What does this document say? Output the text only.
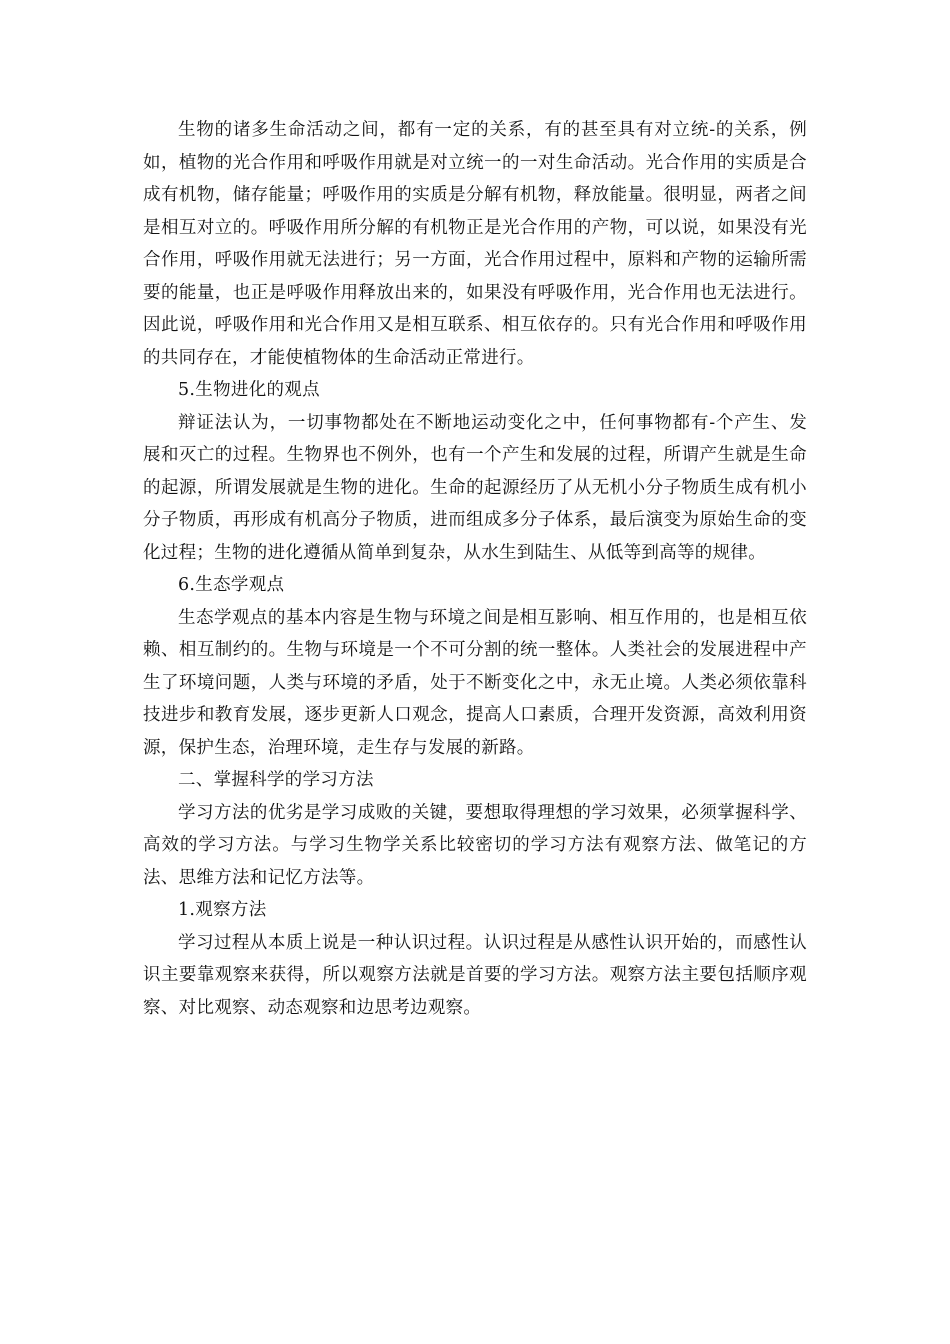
生物的诸多生命活动之间，都有一定的关系，有的甚至具有对立统-的关系，例如，植物的光合作用和呼吸作用就是对立统一的一对生命活动。光合作用的实质是合成有机物，储存能量；呼吸作用的实质是分解有机物，释放能量。很明显，两者之间是相互对立的。呼吸作用所分解的有机物正是光合作用的产物，可以说，如果没有光合作用，呼吸作用就无法进行；另一方面，光合作用过程中，原料和产物的运输所需要的能量，也正是呼吸作用释放出来的，如果没有呼吸作用，光合作用也无法进行。因此说，呼吸作用和光合作用又是相互联系、相互依存的。只有光合作用和呼吸作用的共同存在，才能使植物体的生命活动正常进行。

5.生物进化的观点

辩证法认为，一切事物都处在不断地运动变化之中，任何事物都有-个产生、发展和灭亡的过程。生物界也不例外，也有一个产生和发展的过程，所谓产生就是生命的起源，所谓发展就是生物的进化。生命的起源经历了从无机小分子物质生成有机小分子物质，再形成有机高分子物质，进而组成多分子体系，最后演变为原始生命的变化过程；生物的进化遵循从简单到复杂，从水生到陆生、从低等到高等的规律。

6.生态学观点

生态学观点的基本内容是生物与环境之间是相互影响、相互作用的，也是相互依赖、相互制约的。生物与环境是一个不可分割的统一整体。人类社会的发展进程中产生了环境问题，人类与环境的矛盾，处于不断变化之中，永无止境。人类必须依靠科技进步和教育发展，逐步更新人口观念，提高人口素质，合理开发资源，高效利用资源，保护生态，治理环境，走生存与发展的新路。

二、掌握科学的学习方法

学习方法的优劣是学习成败的关键，要想取得理想的学习效果，必须掌握科学、高效的学习方法。与学习生物学关系比较密切的学习方法有观察方法、做笔记的方法、思维方法和记忆方法等。

1.观察方法

学习过程从本质上说是一种认识过程。认识过程是从感性认识开始的，而感性认识主要靠观察来获得，所以观察方法就是首要的学习方法。观察方法主要包括顺序观察、对比观察、动态观察和边思考边观察。
